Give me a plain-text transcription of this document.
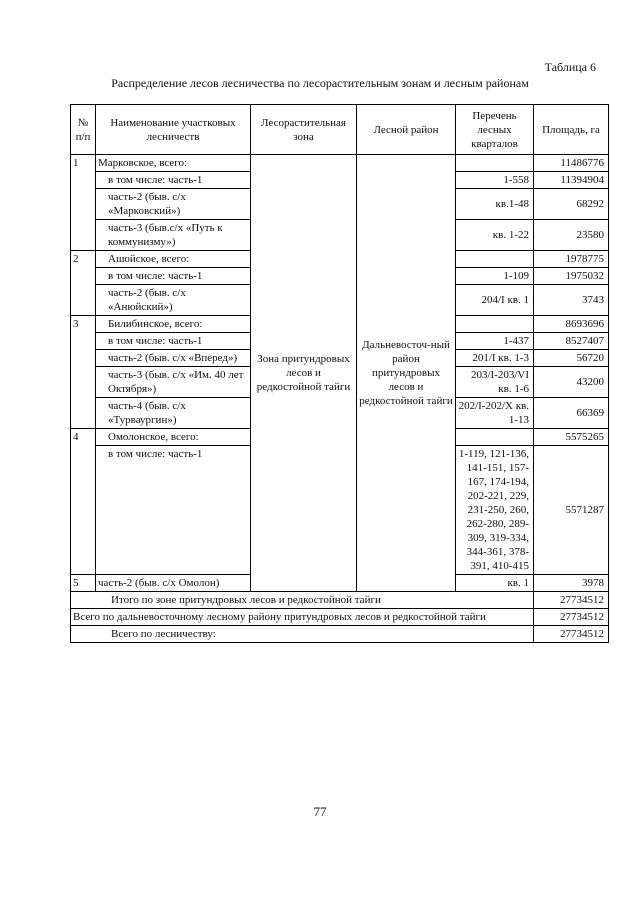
Таблица 6
Распределение лесов лесничества по лесорастительным зонам и лесным районам
№ п/п	Наименование участковых лесничеств	Лесорастительная зона	Лесной район	Перечень лесных кварталов	Площадь, га
1	Марковское, всего:	Зона притундровых лесов и редкостойной тайги	Дальневосточ-ный район притундровых лесов и редкостойной тайги		11486776
	в том числе: часть-1			1-558	11394904
	часть-2 (быв. с/х «Марковский»)			кв.1-48	68292
	часть-3 (быв.с/х «Путь к коммунизму»)			кв. 1-22	23580
2	Ашойское, всего:				1978775
	в том числе: часть-1			1-109	1975032
	часть-2 (быв. с/х «Анюйский»)			204/I кв. 1	3743
3	Билибинское, всего:				8693696
	в том числе: часть-1			1-437	8527407
	часть-2 (быв. с/х «Вперед»)			201/I кв. 1-3	56720
	часть-3 (быв. с/х «Им. 40 лет Октября»)			203/I-203/VI кв. 1-6	43200
	часть-4 (быв. с/х «Турваургин»)			202/I-202/X кв. 1-13	66369
4	Омолонское, всего:				5575265
	в том числе: часть-1			1-119, 121-136, 141-151, 157-167, 174-194, 202-221, 229, 231-250, 260, 262-280, 289-309, 319-334, 344-361, 378-391, 410-415	5571287
5	часть-2 (быв. с/х Омолон)			кв. 1	3978
Итого по зоне притундровых лесов и редкостойной тайги					27734512
Всего по дальневосточному лесному району притундровых лесов и редкостойной тайги					27734512
Всего по лесничеству:					27734512
77
